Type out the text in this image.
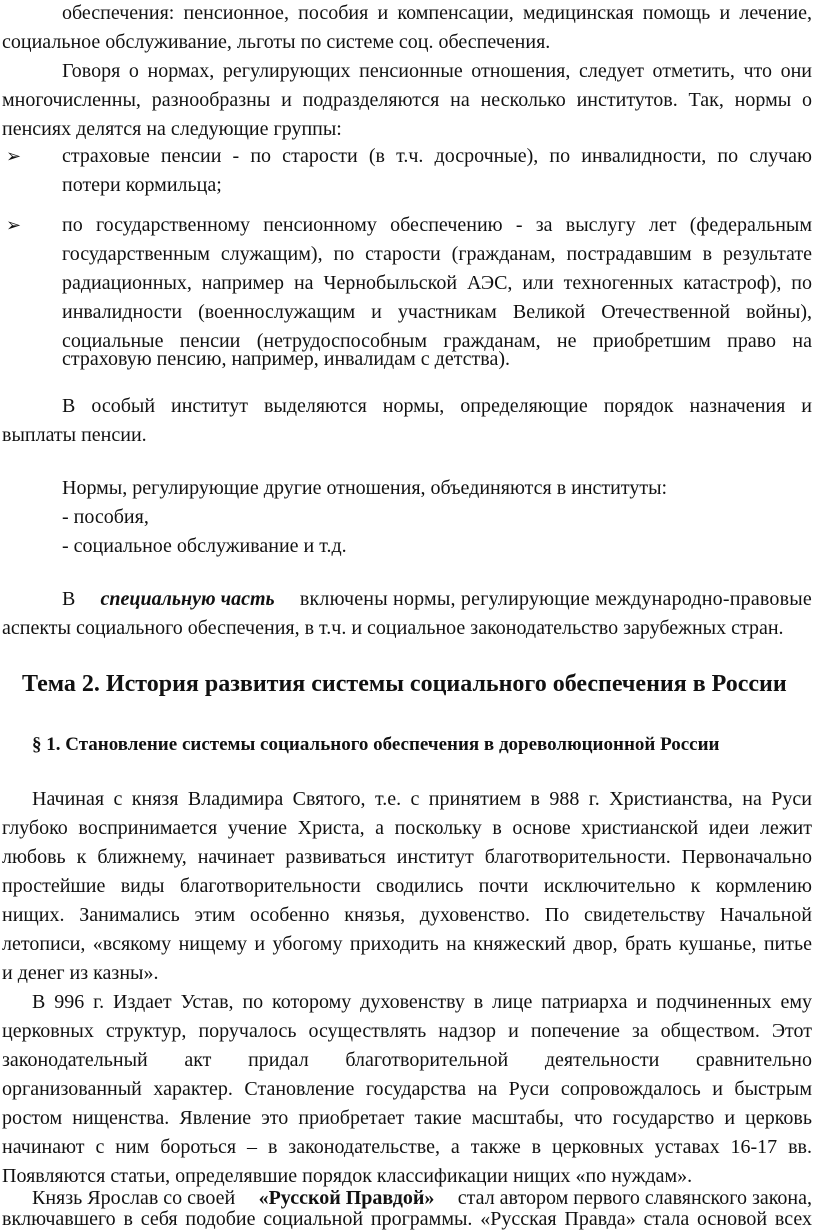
обеспечения: пенсионное, пособия и компенсации, медицинская помощь и лечение,
социальное обслуживание, льготы по системе соц. обеспечения.
Говоря о нормах, регулирующих пенсионные отношения, следует отметить, что они
многочисленны, разнообразны и подразделяются на несколько институтов. Так, нормы о
пенсиях делятся на следующие группы:
➢ страховые пенсии - по старости (в т.ч. досрочные), по инвалидности, по случаю
потери кормильца;
➢ по государственному пенсионному обеспечению - за выслугу лет (федеральным
государственным служащим), по старости (гражданам, пострадавшим в результате
радиационных, например на Чернобыльской АЭС, или техногенных катастроф), по
инвалидности (военнослужащим и участникам Великой Отечественной войны),
социальные пенсии (нетрудоспособным гражданам, не приобретшим право на
страховую пенсию, например, инвалидам с детства).
В особый институт выделяются нормы, определяющие порядок назначения и
выплаты пенсии.
Нормы, регулирующие другие отношения, объединяются в институты:
- пособия,
- социальное обслуживание и т.д.
В специальную часть включены нормы, регулирующие международно-правовые
аспекты социального обеспечения, в т.ч. и социальное законодательство зарубежных стран.
Тема 2. История развития системы социального обеспечения в России
§ 1. Становление системы социального обеспечения в дореволюционной России
Начиная с князя Владимира Святого, т.е. с принятием в 988 г. Христианства, на Руси
глубоко воспринимается учение Христа, а поскольку в основе христианской идеи лежит
любовь к ближнему, начинает развиваться институт благотворительности. Первоначально
простейшие виды благотворительности сводились почти исключительно к кормлению
нищих. Занимались этим особенно князья, духовенство. По свидетельству Начальной
летописи, «всякому нищему и убогому приходить на княжеский двор, брать кушанье, питье
и денег из казны».
В 996 г. Издает Устав, по которому духовенству в лице патриарха и подчиненных ему
церковных структур, поручалось осуществлять надзор и попечение за обществом. Этот
законодательный акт придал благотворительной деятельности сравнительно
организованный характер. Становление государства на Руси сопровождалось и быстрым
ростом нищенства. Явление это приобретает такие масштабы, что государство и церковь
начинают с ним бороться – в законодательстве, а также в церковных уставах 16-17 вв.
Появляются статьи, определявшие порядок классификации нищих «по нуждам».
Князь Ярослав со своей «Русской Правдой» стал автором первого славянского закона,
включавшего в себя подобие социальной программы. «Русская Правда» стала основой всех
